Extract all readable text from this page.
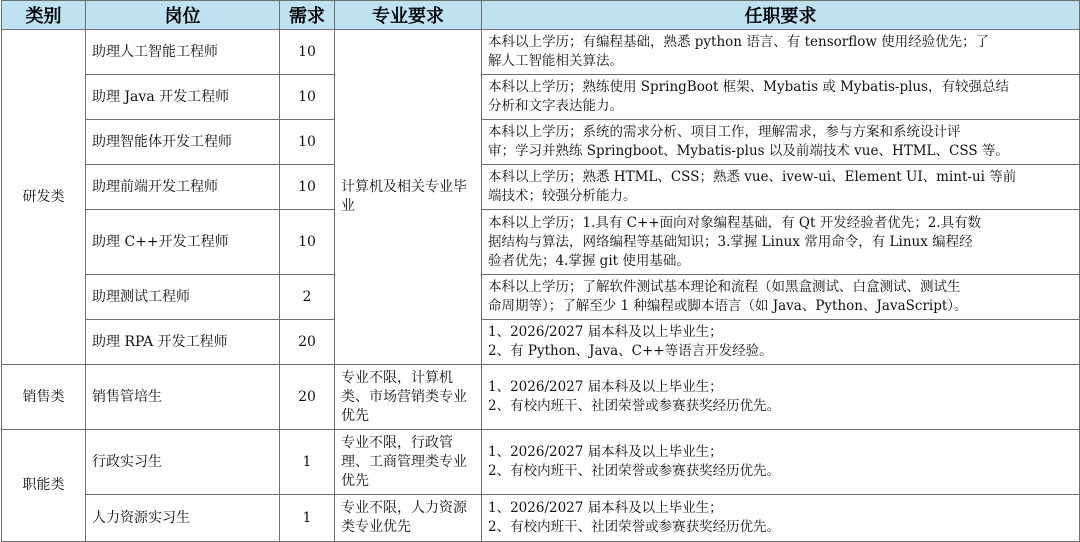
类别	岗位	需求	专业要求	任职要求
研发类	助理人工智能工程师	10	计算机及相关专业毕业	本科以上学历；有编程基础，熟悉 python 语言、有 tensorflow 使用经验优先；了
解人工智能相关算法。

	助理 Java 开发工程师	10		本科以上学历；熟练使用 SpringBoot 框架、Mybatis 或 Mybatis-plus，有较强总结
分析和文字表达能力。

	助理智能体开发工程师	10		本科以上学历；系统的需求分析、项目工作，理解需求，参与方案和系统设计评
审；学习并熟练 Springboot、Mybatis-plus 以及前端技术 vue、HTML、CSS 等。

	助理前端开发工程师	10		本科以上学历；熟悉 HTML、CSS；熟悉 vue、ivew-ui、Element UI、mint-ui 等前
端技术；较强分析能力。

	助理 C++开发工程师	10		本科以上学历；1.具有 C++面向对象编程基础，有 Qt 开发经验者优先；2.具有数
据结构与算法，网络编程等基础知识；3.掌握 Linux 常用命令，有 Linux 编程经
验者优先；4.掌握 git 使用基础。

	助理测试工程师	2		本科以上学历；了解软件测试基本理论和流程（如黑盒测试、白盒测试、测试生
命周期等）；了解至少 1 种编程或脚本语言（如 Java、Python、JavaScript）。

	助理 RPA 开发工程师	20		1、2026/2027 届本科及以上毕业生；
2、有 Python、Java、C++等语言开发经验。

销售类	销售管培生	20	专业不限，计算机类、市场营销类专业优先	1、2026/2027 届本科及以上毕业生；
2、有校内班干、社团荣誉或参赛获奖经历优先。

职能类	行政实习生	1	专业不限，行政管理、工商管理类专业优先	1、2026/2027 届本科及以上毕业生；
2、有校内班干、社团荣誉或参赛获奖经历优先。

	人力资源实习生	1	专业不限，人力资源类专业优先	1、2026/2027 届本科及以上毕业生；
2、有校内班干、社团荣誉或参赛获奖经历优先。
